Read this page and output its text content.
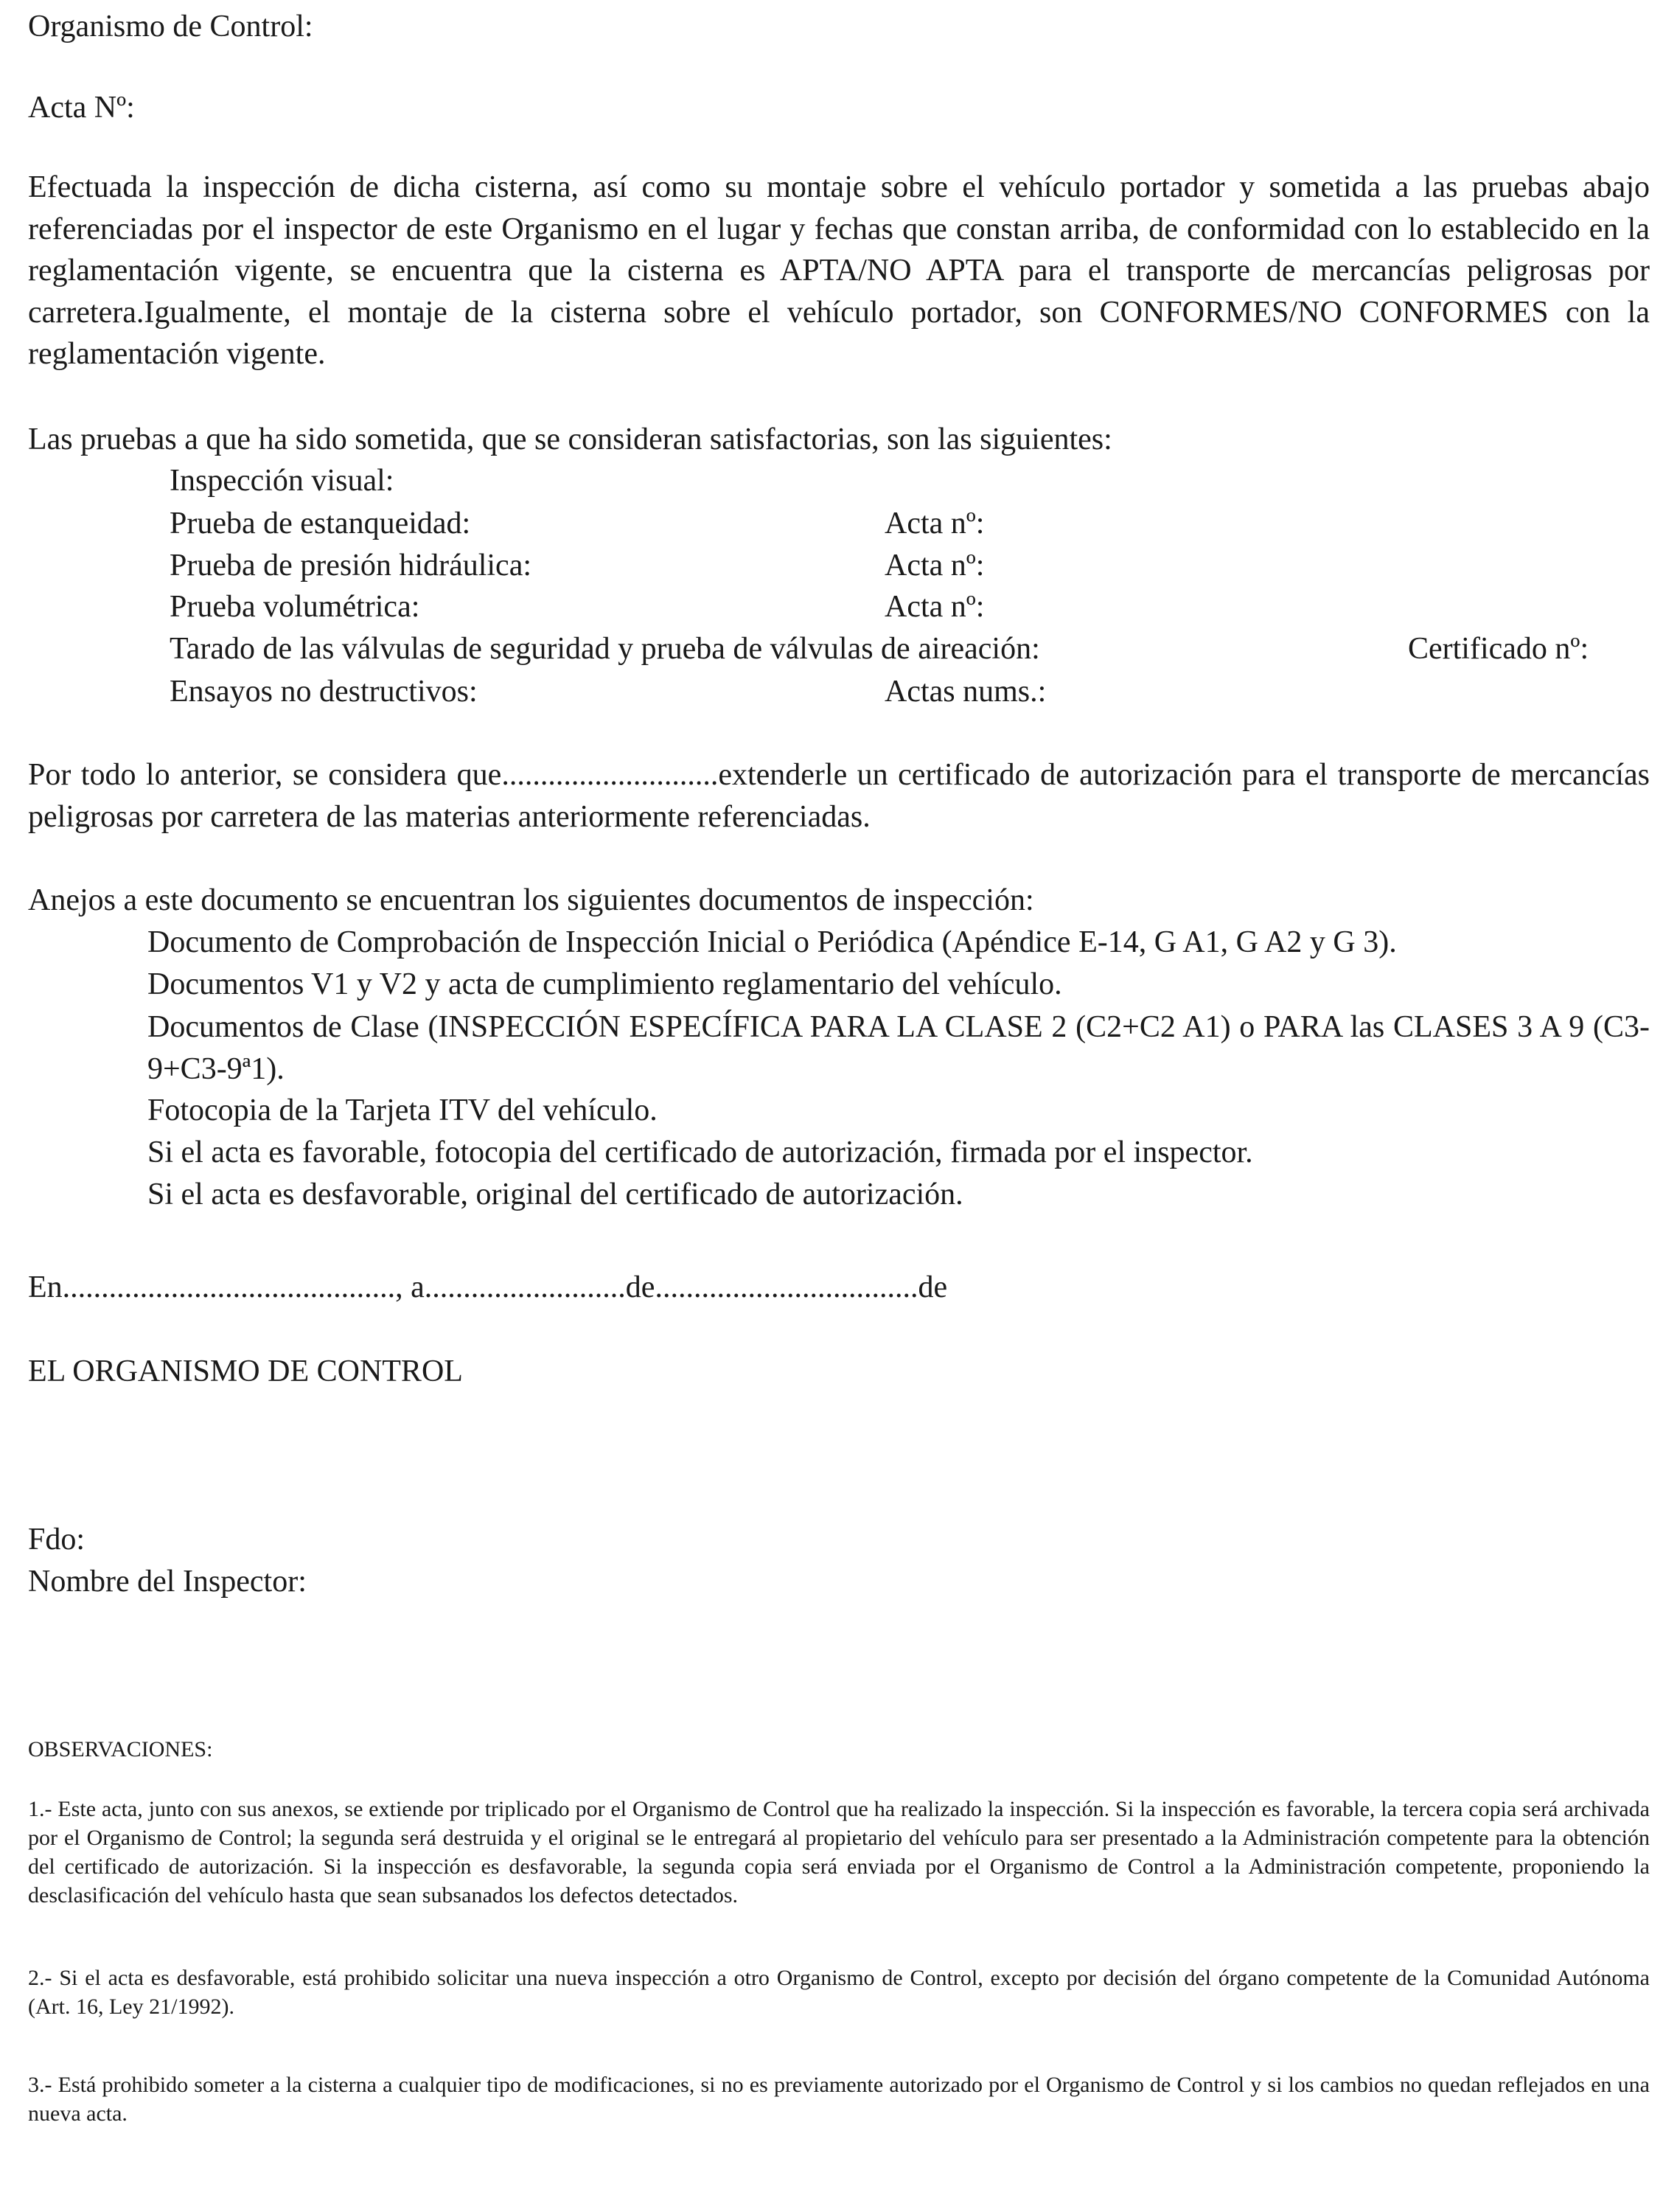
Organismo de Control:

Acta Nº:

Efectuada la inspección de dicha cisterna, así como su montaje sobre el vehículo portador y sometida a las pruebas abajo referenciadas por el inspector de este Organismo en el lugar y fechas que constan arriba, de conformidad con lo establecido en la reglamentación vigente, se encuentra que la cisterna es APTA/NO APTA para el transporte de mercancías peligrosas por carretera.Igualmente, el montaje de la cisterna sobre el vehículo portador, son CONFORMES/NO CONFORMES con la reglamentación vigente.

Las pruebas a que ha sido sometida, que se consideran satisfactorias, son las siguientes:

Inspección visual:

Prueba de estanqueidad:	Acta nº:

Prueba de presión hidráulica:	Acta nº:

Prueba volumétrica:	Acta nº:

Tarado de las válvulas de seguridad y prueba de válvulas de aireación:	Certificado nº:

Ensayos no destructivos:	Actas nums.:

Por todo lo anterior, se considera que............................extenderle un certificado de autorización para el transporte de mercancías peligrosas por carretera de las materias anteriormente referenciadas.

Anejos a este documento se encuentran los siguientes documentos de inspección:

Documento de Comprobación de Inspección Inicial o Periódica (Apéndice E-14, G A1, G A2 y G 3).

Documentos V1 y V2 y acta de cumplimiento reglamentario del vehículo.

Documentos de Clase (INSPECCIÓN ESPECÍFICA PARA LA CLASE 2 (C2+C2 A1) o PARA las CLASES 3 A 9 (C3-9+C3-9ª1).

Fotocopia de la Tarjeta ITV del vehículo.

Si el acta es favorable, fotocopia del certificado de autorización, firmada por el inspector.

Si el acta es desfavorable, original del certificado de autorización.

En..........................................., a..........................de..................................de

EL ORGANISMO DE CONTROL

Fdo:

Nombre del Inspector:

OBSERVACIONES:

1.- Este acta, junto con sus anexos, se extiende por triplicado por el Organismo de Control que ha realizado la inspección. Si la inspección es favorable, la tercera copia será archivada por el Organismo de Control; la segunda será destruida y el original se le entregará al propietario del vehículo para ser presentado a la Administración competente para la obtención del certificado de autorización. Si la inspección es desfavorable, la segunda copia será enviada por el Organismo de Control a la Administración competente, proponiendo la desclasificación del vehículo hasta que sean subsanados los defectos detectados.

2.- Si el acta es desfavorable, está prohibido solicitar una nueva inspección a otro Organismo de Control, excepto por decisión del órgano competente de la Comunidad Autónoma (Art. 16, Ley 21/1992).

3.- Está prohibido someter a la cisterna a cualquier tipo de modificaciones, si no es previamente autorizado por el Organismo de Control y si los cambios no quedan reflejados en una nueva acta.
